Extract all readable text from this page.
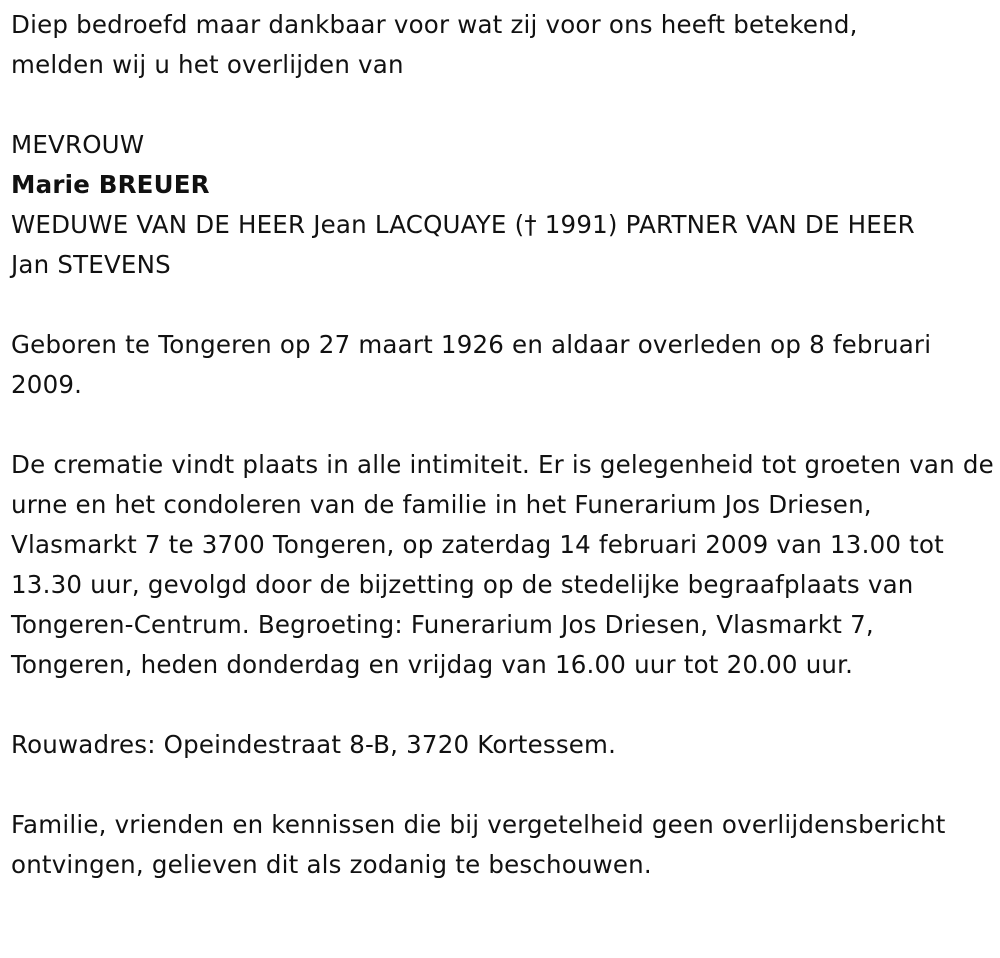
Diep bedroefd maar dankbaar voor wat zij voor ons heeft betekend,

melden wij u het overlijden van

MEVROUW

Marie BREUER

WEDUWE VAN DE HEER Jean LACQUAYE († 1991) PARTNER VAN DE HEER

Jan STEVENS

Geboren te Tongeren op 27 maart 1926 en aldaar overleden op 8 februari 2009.

De crematie vindt plaats in alle intimiteit. Er is gelegenheid tot groeten van de urne en het condoleren van de familie in het Funerarium Jos Driesen, Vlasmarkt 7 te 3700 Tongeren, op zaterdag 14 februari 2009 van 13.00 tot 13.30 uur, gevolgd door de bijzetting op de stedelijke begraafplaats van Tongeren-Centrum. Begroeting: Funerarium Jos Driesen, Vlasmarkt 7, Tongeren, heden donderdag en vrijdag van 16.00 uur tot 20.00 uur.

Rouwadres: Opeindestraat 8-B, 3720 Kortessem.

Familie, vrienden en kennissen die bij vergetelheid geen overlijdensbericht ontvingen, gelieven dit als zodanig te beschouwen.
